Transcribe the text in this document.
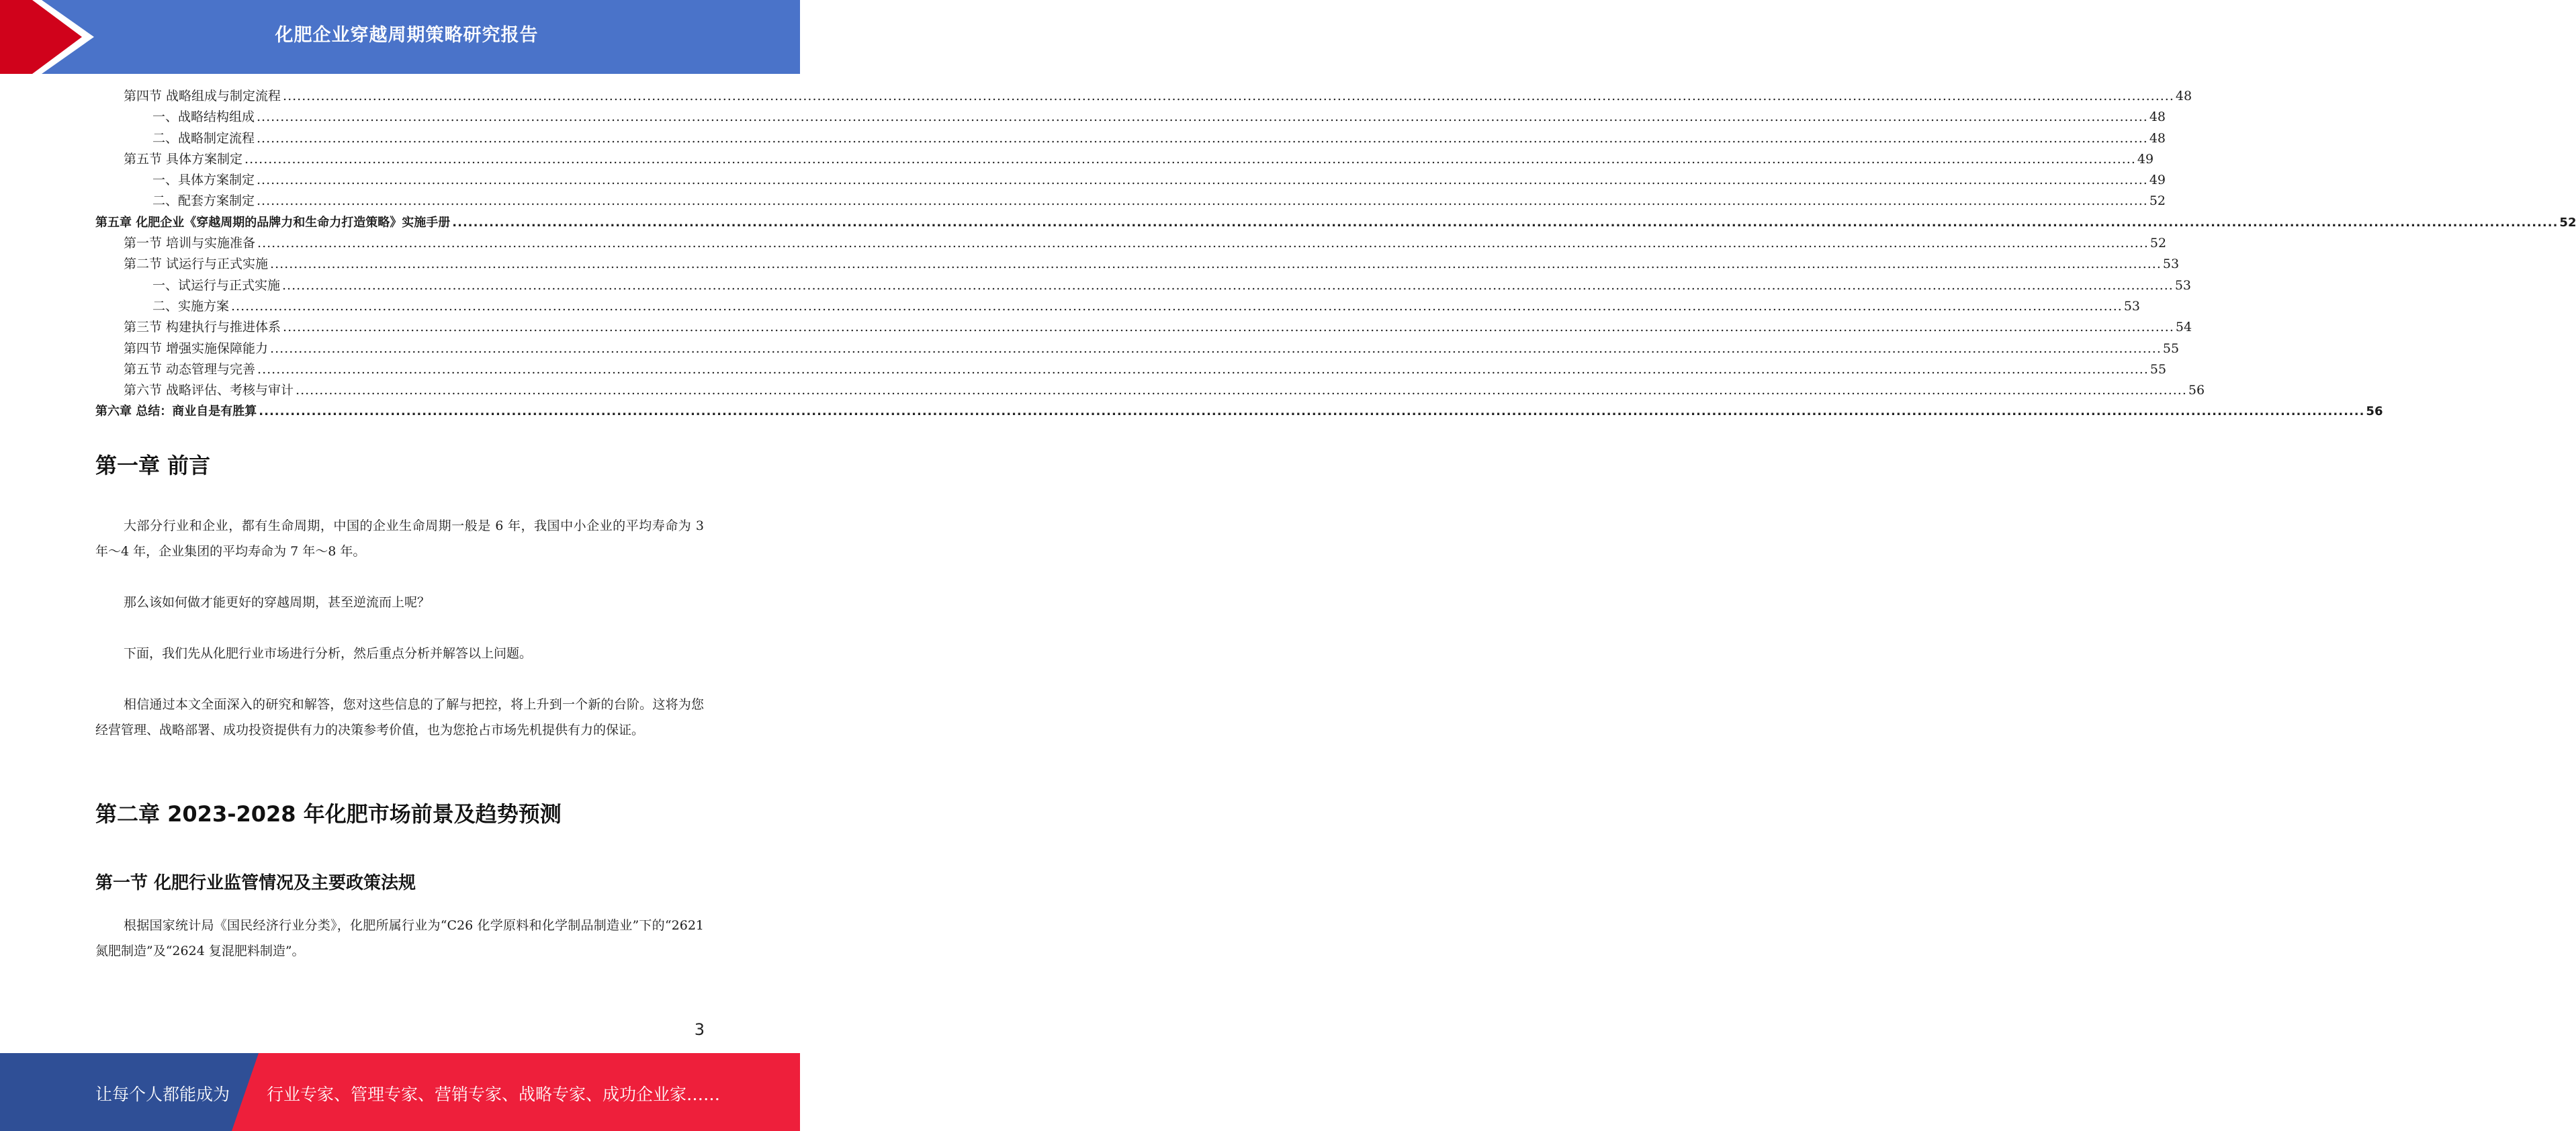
化肥企业穿越周期策略研究报告
第四节 战略组成与制定流程 ................................................................................................................................................................................................................................................................................................................................................................................................................ 48
一、战略结构组成 ................................................................................................................................................................................................................................................................................................................................................................................................................ 48
二、战略制定流程 ................................................................................................................................................................................................................................................................................................................................................................................................................ 48
第五节 具体方案制定 ................................................................................................................................................................................................................................................................................................................................................................................................................ 49
一、具体方案制定 ................................................................................................................................................................................................................................................................................................................................................................................................................ 49
二、配套方案制定 ................................................................................................................................................................................................................................................................................................................................................................................................................ 52
第五章 化肥企业《穿越周期的品牌力和生命力打造策略》实施手册 ................................................................................................................................................................................................................................................................................................................................................................................................................ 52
第一节 培训与实施准备 ................................................................................................................................................................................................................................................................................................................................................................................................................ 52
第二节 试运行与正式实施 ................................................................................................................................................................................................................................................................................................................................................................................................................ 53
一、试运行与正式实施 ................................................................................................................................................................................................................................................................................................................................................................................................................ 53
二、实施方案 ................................................................................................................................................................................................................................................................................................................................................................................................................ 53
第三节 构建执行与推进体系 ................................................................................................................................................................................................................................................................................................................................................................................................................ 54
第四节 增强实施保障能力 ................................................................................................................................................................................................................................................................................................................................................................................................................ 55
第五节 动态管理与完善 ................................................................................................................................................................................................................................................................................................................................................................................................................ 55
第六节 战略评估、考核与审计 ................................................................................................................................................................................................................................................................................................................................................................................................................ 56
第六章 总结：商业自是有胜算 ................................................................................................................................................................................................................................................................................................................................................................................................................ 56
第一章 前言

大部分行业和企业，都有生命周期，中国的企业生命周期一般是 6 年，我国中小企业的平均寿命为 3 年～4 年，企业集团的平均寿命为 7 年～8 年。

那么该如何做才能更好的穿越周期，甚至逆流而上呢？

下面，我们先从化肥行业市场进行分析，然后重点分析并解答以上问题。

相信通过本文全面深入的研究和解答，您对这些信息的了解与把控，将上升到一个新的台阶。这将为您经营管理、战略部署、成功投资提供有力的决策参考价值，也为您抢占市场先机提供有力的保证。

第二章 2023-2028 年化肥市场前景及趋势预测
第一节 化肥行业监管情况及主要政策法规

根据国家统计局《国民经济行业分类》，化肥所属行业为“C26 化学原料和化学制品制造业”下的“2621 氮肥制造”及“2624 复混肥料制造”。

3
让每个人都能成为 行业专家、管理专家、营销专家、战略专家、成功企业家……
